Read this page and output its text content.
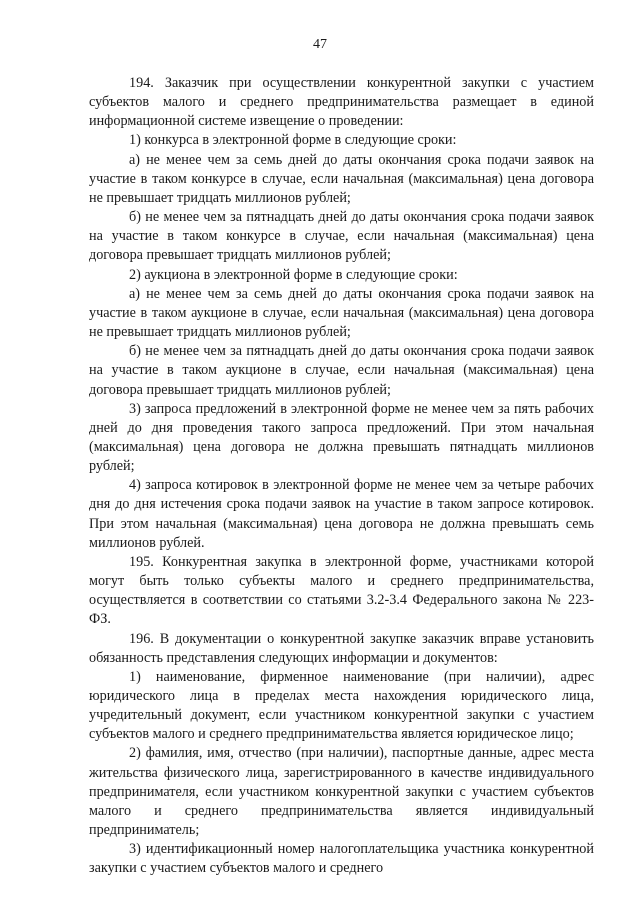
47

194. Заказчик при осуществлении конкурентной закупки с участием субъектов малого и среднего предпринимательства размещает в единой информационной системе извещение о проведении:

1) конкурса в электронной форме в следующие сроки:

а) не менее чем за семь дней до даты окончания срока подачи заявок на участие в таком конкурсе в случае, если начальная (максимальная) цена договора не превышает тридцать миллионов рублей;

б) не менее чем за пятнадцать дней до даты окончания срока подачи заявок на участие в таком конкурсе в случае, если начальная (максимальная) цена договора превышает тридцать миллионов рублей;

2) аукциона в электронной форме в следующие сроки:

а) не менее чем за семь дней до даты окончания срока подачи заявок на участие в таком аукционе в случае, если начальная (максимальная) цена договора не превышает тридцать миллионов рублей;

б) не менее чем за пятнадцать дней до даты окончания срока подачи заявок на участие в таком аукционе в случае, если начальная (максимальная) цена договора превышает тридцать миллионов рублей;

3) запроса предложений в электронной форме не менее чем за пять рабочих дней до дня проведения такого запроса предложений. При этом начальная (максимальная) цена договора не должна превышать пятнадцать миллионов рублей;

4) запроса котировок в электронной форме не менее чем за четыре рабочих дня до дня истечения срока подачи заявок на участие в таком запросе котировок. При этом начальная (максимальная) цена договора не должна превышать семь миллионов рублей.

195. Конкурентная закупка в электронной форме, участниками которой могут быть только субъекты малого и среднего предпринимательства, осуществляется в соответствии со статьями 3.2-3.4 Федерального закона № 223-ФЗ.

196. В документации о конкурентной закупке заказчик вправе установить обязанность представления следующих информации и документов:

1) наименование, фирменное наименование (при наличии), адрес юридического лица в пределах места нахождения юридического лица, учредительный документ, если участником конкурентной закупки с участием субъектов малого и среднего предпринимательства является юридическое лицо;

2) фамилия, имя, отчество (при наличии), паспортные данные, адрес места жительства физического лица, зарегистрированного в качестве индивидуального предпринимателя, если участником конкурентной закупки с участием субъектов малого и среднего предпринимательства является индивидуальный предприниматель;

3) идентификационный номер налогоплательщика участника конкурентной закупки с участием субъектов малого и среднего
